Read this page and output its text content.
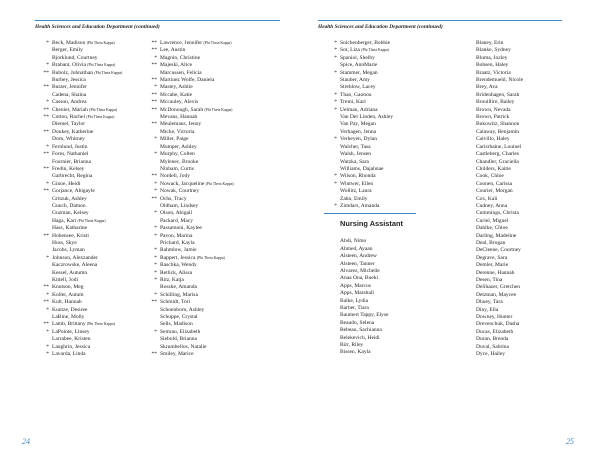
Health Sciences and Education Department (continued)
* Beck, Madison (Phi Theta Kappa)
Berger, Emily
Bjorklund, Courtney
* Brabant, Olivia (Phi Theta Kappa)
** Bubolz, Johnathan (Phi Theta Kappa)
Burbey, Jessica
** Butzer, Jennifer
Cadena, Shaina
* Casson, Andrea
** Chenier, Mariah (Phi Theta Kappa)
** Cotton, Rachel (Phi Theta Kappa)
Diemel, Taylor
** Donkey, Katherine
Dorn, Whitney
* Fernlund, Justin
** Fores, Nathaniel
Fournier, Brianna
** Fredin, Kelsey
Garbrecht, Regina
* Ginoe, Heidi
** Gorjance, Abigayle
Gritzuk, Ashley
Gunch, Damon
Guzman, Kelsey
Haga, Kari (Phi Theta Kappa)
Hass, Katharine
** Hohensee, Kristi
Huss, Skye
Jacobs, Lyman
* Johnson, Alexzander
Kaczrowske, Aleena
Kessel, Autumn
Kittell, Jodi
** Knutson, Meg
* Koller, Autum
** Kult, Hannah
* Kuntze, Desiree
LaBine, Molly
** Lamb, Brittany (Phi Theta Kappa)
* LaPointe, Linsey
Larrabee, Kristen
* Laughrin, Jessica
* Lavarda, Linda
** Lawrence, Jennifer (Phi Theta Kappa)
** Lee, Austin
* Magnin, Christine
** Majeski, Alice
Marcussen, Felicia
** Martinez Wolfe, Daniela
* Mastey, Ashlie
** Mccabe, Katie
** Mccauley, Alexis
** McDonough, Sarah (Phi Theta Kappa)
Mevans, Hannah
** Meulemans, Jenny
Micke, Victoria
* Miller, Paige
Mumper, Ashley
* Murphy, Colten
Mylenec, Brooke
Ninham, Curtis
** Nordell, Jody
* Nowack, Jacqueline (Phi Theta Kappa)
* Nowak, Courtney
** Ochs, Tracy
Oldham, Lindsey
* Olson, Abigail
Packard, Macy
* Passamoni, Kaylee
* Pavon, Marina
Prichard, Kayla
* Rahmlow, Jamie
* Rappert, Jessica (Phi Theta Kappa)
* Raschka, Wendy
* Retlick, Alissa
* Ritz, Katja
Rosske, Amanda
* Schilling, Marisa
** Schmidt, Tori
Schoenborn, Ashley
Schuppe, Crystal
Sells, Madison
* Semrau, Elizabeth
Siebold, Brianna
Skrumbellos, Natalie
** Smiley, Marice
24
Health Sciences and Education Department (continued)
* Solchenberger, Bobbie
* Sot, Liza (Phi Theta Kappa)
* Spaniol, Shelby
Spice, AnnMarie
* Stammer, Megan
Stauber, Amy
Strehlow, Lacey
* Thao, Gaonou
* Tremi, Kari
* Uelman, Adriana
Van Der Linden, Ashley
Van Pay, Megan
Verhagen, Jenna
* Verheyen, Dylan
Walcher, Tasa
Walsh, Jensen
Watzka, Sara
Williams, Dajahnae
* Wilson, Rhonda
* Wintwer, Ellen
Wollitz, Laura
Zahn, Emily
* Zimdars, Amanda
Nursing Assistant
Abdi, Nimo
Ahmed, Ayaan
Alsteen, Andrew
Alsteen, Tanner
Alvarez, Michelle
Anaa Ona, Bueki
Apps, Marcus
Apps, Marshall
Balke, Lydia
Barber, Tiara
Baumert Tappy, Elyse
Beaudo, Selena
Bebeau, Sachianna
Belekevich, Heidi
Birr, Riley
Bissen, Kayla
Blaney, Erin
Blanke, Sydney
Bluma, Jozley
Bohsen, Haley
Braatz, Victoria
Brendemuehl, Nicole
Brey, Ava
Bridenhagen, Sarah
Brouillire, Bailey
Brown, Nevada
Brown, Patrick
Bukowitz, Shannon
Calaway, Benjamin
Calvillo, Haley
Carisrhaine, Louinel
Castleberg, Charles
Chandler, Graciella
Childers, Kaitie
Cook, Chloe
Coonen, Carissa
Courier, Morgan
Cox, Kali
Cudney, Anna
Cummings, Christa
Curiel, Miguel
Dahlke, Chloe
Darling, Madeline
Deal, Brogan
DeCleene, Courtney
Degrave, Sara
Demler, Marie
Derenne, Hannah
Desen, Tina
DeShazer, Gretchen
Detzman, Maycee
Dhuey, Tara
Diny, Ella
Downey, Hunter
Drevenchuk, Dasha
Ducas, Elizabeth
Duran, Brenda
Duval, Sabrina
Dyce, Hailey
25
